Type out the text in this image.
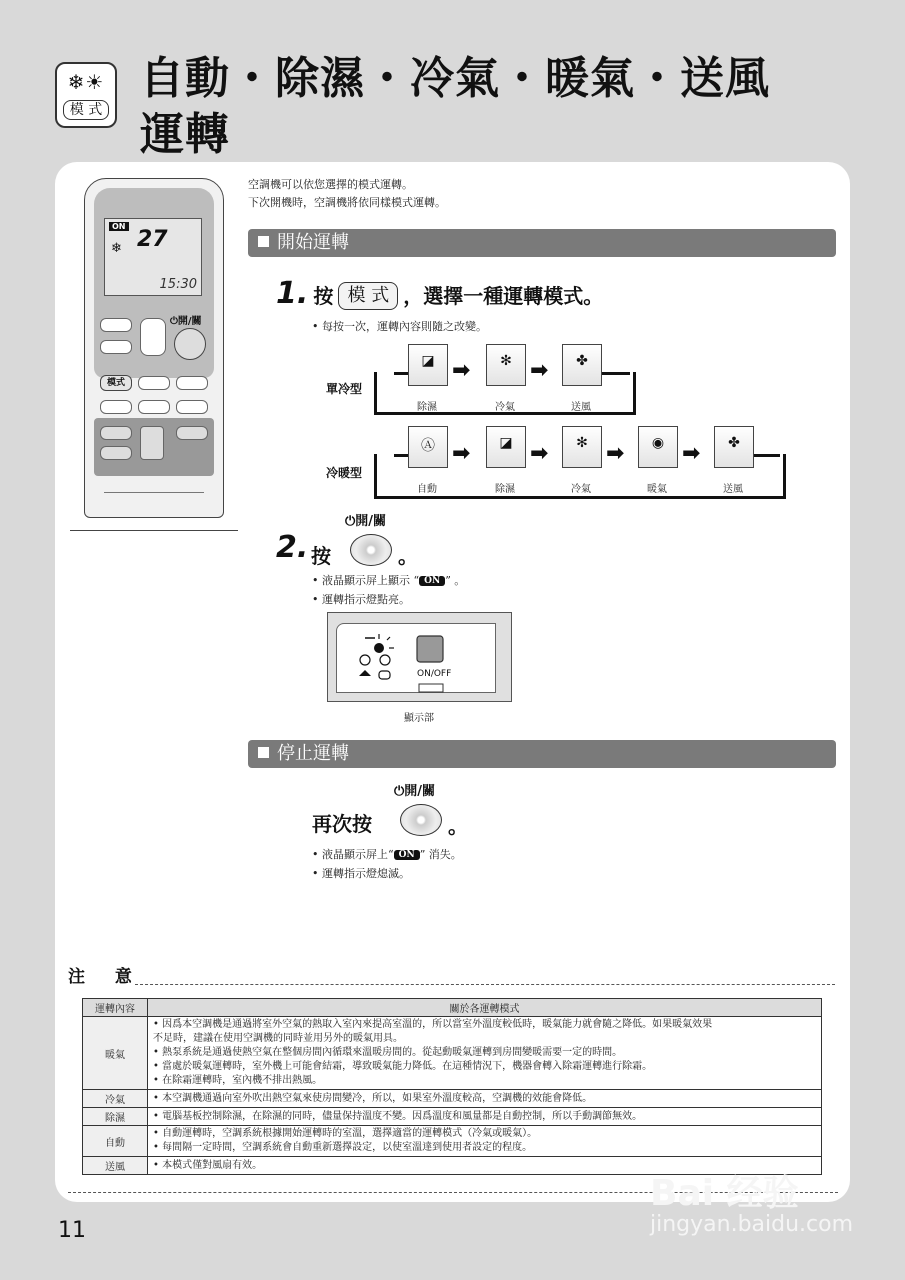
❄☀
模 式
自動・除濕・冷氣・暖氣・送風
運轉
ON
❄ 27
15:30
⏻開/關
模式
空調機可以依您選擇的模式運轉。
下次開機時，空調機將依同樣模式運轉。
開始運轉
1. 按 模 式 ，選擇一種運轉模式。
• 每按一次，運轉內容則隨之改變。
單冷型
◪
除濕
➡	✻
冷氣
➡	✤
送風
冷暖型
Ⓐ
自動
➡	◪
除濕
➡	✻
冷氣
➡	◉
暖氣
➡	✤
送風
⏻開/關
2. 按	。
• 液晶顯示屏上顯示 “ ON ” 。
• 運轉指示燈點亮。
ON/OFF
顯示部
停止運轉
⏻開/關
再次按	。
• 液晶顯示屏上“ ON ” 消失。
• 運轉指示燈熄滅。
注 意
運轉內容	關於各運轉模式
暖氣	• 因爲本空調機是通過將室外空氣的熱取入室內來提高室溫的，所以當室外溫度較低時，暖氣能力就會隨之降低。如果暖氣效果
不足時，建議在使用空調機的同時並用另外的暖氣用具。
• 熱泵系統是通過使熱空氣在整個房間內循環來溫暖房間的。從起動暖氣運轉到房間變暖需要一定的時間。
• 當處於暖氣運轉時，室外機上可能會結霜，導致暖氣能力降低。在這種情況下，機器會轉入除霜運轉進行除霜。
• 在除霜運轉時，室內機不排出熱風。

冷氣	• 本空調機通過向室外吹出熱空氣來使房間變冷，所以，如果室外溫度較高，空調機的效能會降低。

除濕	• 電腦基板控制除濕，在除濕的同時，儘量保持溫度不變。因爲溫度和風量都是自動控制，所以手動調節無效。

自動	• 自動運轉時，空調系統根據開始運轉時的室溫，選擇適當的運轉模式（冷氣或暖氣）。
• 每間隔一定時間，空調系統會自動重新選擇設定，以使室溫達到使用者設定的程度。

送風	• 本模式僅對風扇有效。
11
Bai 经验
jingyan.baidu.com
